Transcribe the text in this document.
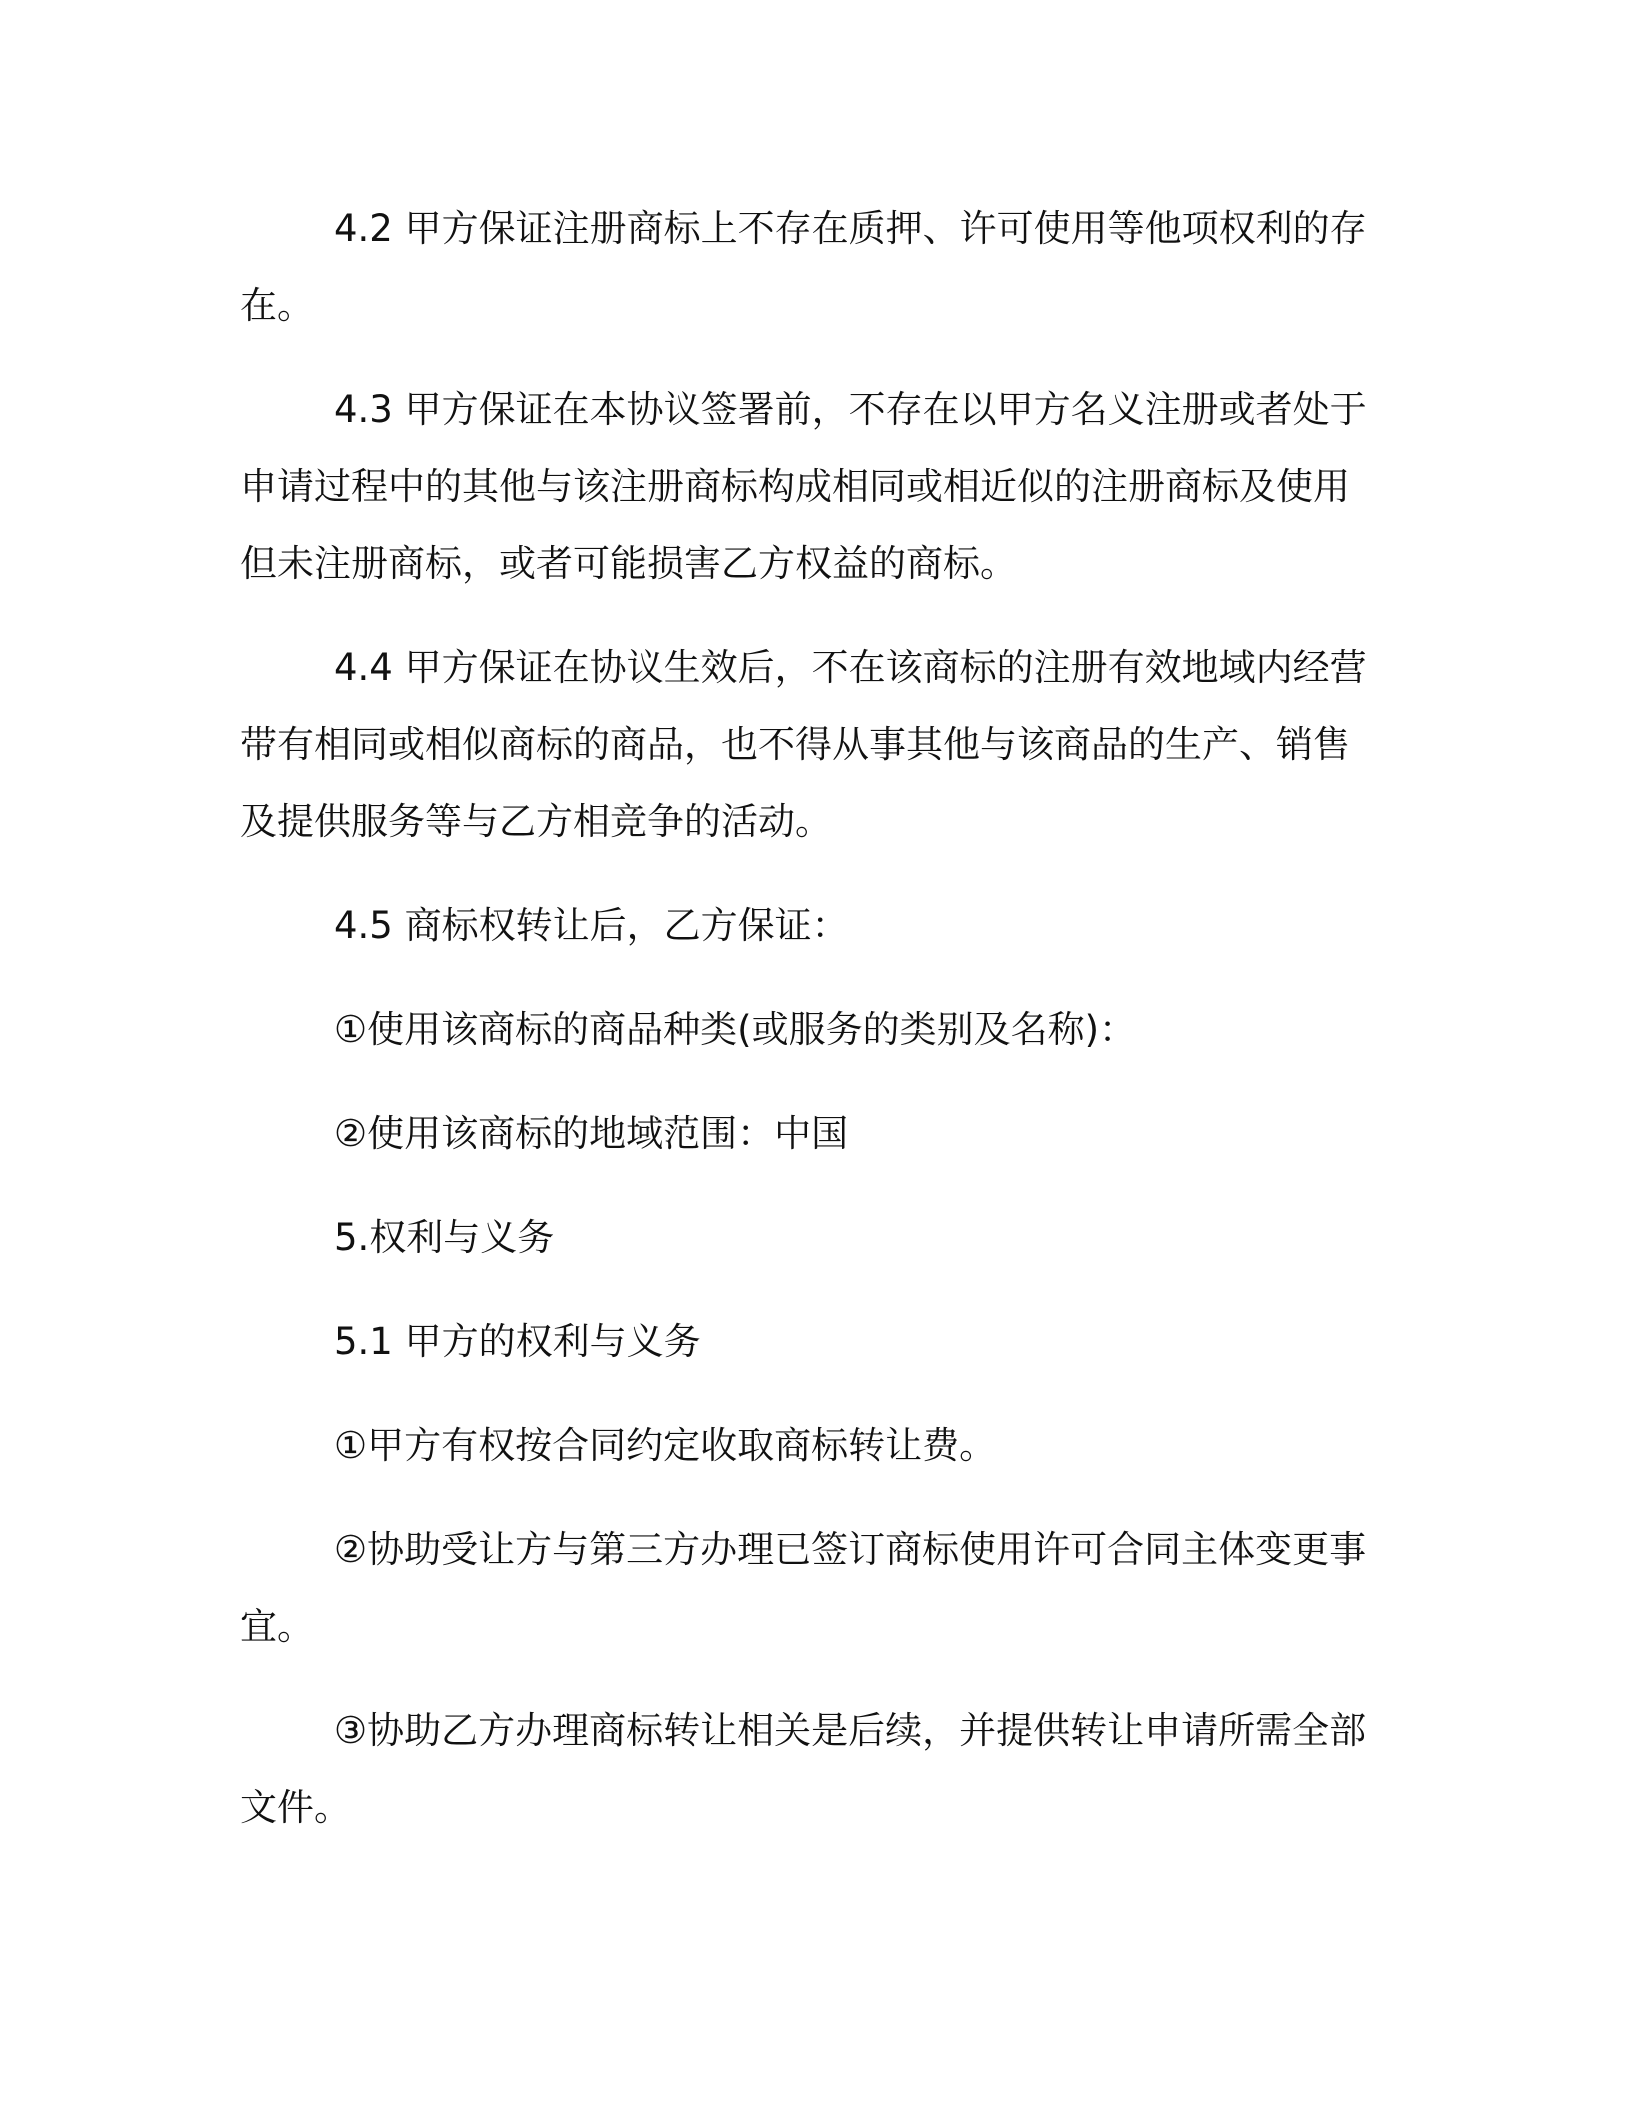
4.2 甲方保证注册商标上不存在质押、许可使用等他项权利的存在。

4.3 甲方保证在本协议签署前，不存在以甲方名义注册或者处于申请过程中的其他与该注册商标构成相同或相近似的注册商标及使用但未注册商标，或者可能损害乙方权益的商标。

4.4 甲方保证在协议生效后，不在该商标的注册有效地域内经营带有相同或相似商标的商品，也不得从事其他与该商品的生产、销售及提供服务等与乙方相竞争的活动。

4.5 商标权转让后，乙方保证：

①使用该商标的商品种类(或服务的类别及名称)：

②使用该商标的地域范围：中国

5.权利与义务

5.1 甲方的权利与义务

①甲方有权按合同约定收取商标转让费。

②协助受让方与第三方办理已签订商标使用许可合同主体变更事宜。

③协助乙方办理商标转让相关是后续，并提供转让申请所需全部文件。
